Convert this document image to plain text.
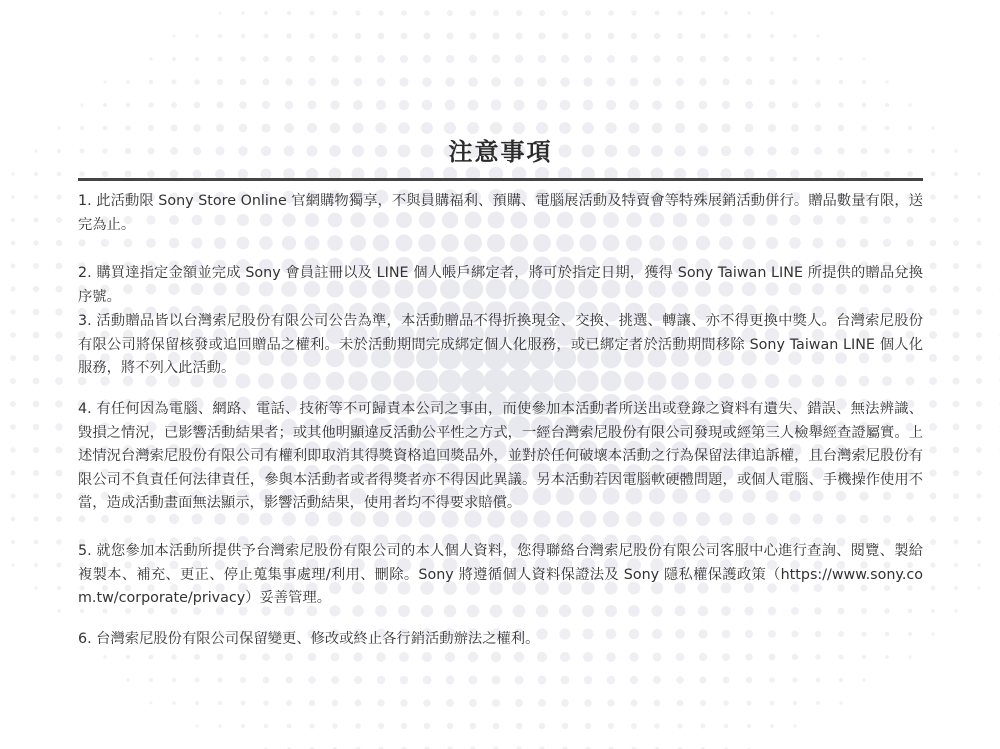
注意事項

1. 此活動限 Sony Store Online 官網購物獨享，不與員購福利、預購、電腦展活動及特賣會等特殊展銷活動併行。贈品數量有限，送完為止。

2. 購買達指定金額並完成 Sony 會員註冊以及 LINE 個人帳戶綁定者，將可於指定日期，獲得 Sony Taiwan LINE 所提供的贈品兌換序號。

3. 活動贈品皆以台灣索尼股份有限公司公告為準，本活動贈品不得折換現金、交換、挑選、轉讓、亦不得更換中獎人。台灣索尼股份有限公司將保留核發或追回贈品之權利。未於活動期間完成綁定個人化服務，或已綁定者於活動期間移除 Sony Taiwan LINE 個人化服務，將不列入此活動。

4. 有任何因為電腦、網路、電話、技術等不可歸責本公司之事由，而使參加本活動者所送出或登錄之資料有遺失、錯誤、無法辨識、毀損之情況，已影響活動結果者；或其他明顯違反活動公平性之方式，一經台灣索尼股份有限公司發現或經第三人檢舉經查證屬實。上述情況台灣索尼股份有限公司有權利即取消其得獎資格追回獎品外，並對於任何破壞本活動之行為保留法律追訴權，且台灣索尼股份有限公司不負責任何法律責任，參與本活動者或者得獎者亦不得因此異議。另本活動若因電腦軟硬體問題，或個人電腦、手機操作使用不當，造成活動畫面無法顯示，影響活動結果，使用者均不得要求賠償。

5. 就您參加本活動所提供予台灣索尼股份有限公司的本人個人資料，您得聯絡台灣索尼股份有限公司客服中心進行查詢、閱覽、製給複製本、補充、更正、停止蒐集事處理/利用、刪除。Sony 將遵循個人資料保證法及 Sony 隱私權保護政策（https://www.sony.com.tw/corporate/privacy）妥善管理。

6. 台灣索尼股份有限公司保留變更、修改或終止各行銷活動辦法之權利。
